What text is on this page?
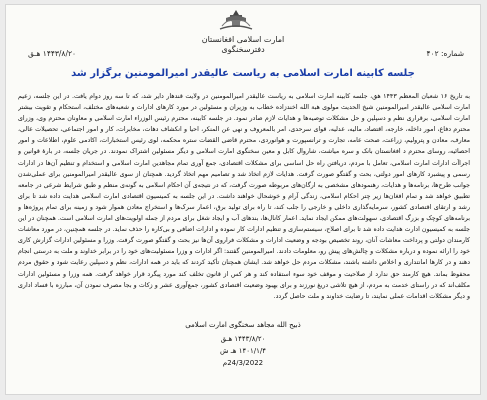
امارت اسلامی افغانستان
دفترسخنگوی	شماره: ۴۰۲
۱۴۴۳/۸/۲۰ هـق
جلسه کابینه امارت اسلامی به ریاست عالیقدر امیرالمومنین برگزار شد

به تاریخ ۱۶ شعبان المعظم ۱۴۴۳ هق، جلسه کابینه امارت اسلامی به ریاست عالیقدر امیرالمومنین در ولایت قندهار دایر شد، که تا سه روز دوام یافت. در این جلسه، زعیم امارت اسلامی عالیقدر امیرالمومنین شیخ الحدیث مولوی هبة الله اخندزاده خطاب به وزیران و مسئولین در مورد کارهای ادارات و شعبه‌های مختلف، استحکام و تقویت بیشتر امارت اسلامی، برقراری نظم و دسپلین و حل مشکلات توصیه‌ها و هدایات لازم صادر نمود. در جلسه کابینه، محترم رئیس الوزراء امارت اسلامی و معاونان محترم وی، وزرای محترم دفاع، امور داخله، خارجه، اقتصاد، مالیه، عدلیه، قوای سرحدی، امر بالمعروف و نهی عن المنکر، احیا و انکشاف دهات، مخابرات، کار و امور اجتماعی، تحصیلات عالی، معارف، معادن و پترولیم، زراعت، صحت عامه، تجارت و ترانسپورت و هوانوردی، محترم قاضی القضات ستره محکمه، لوی رئیس استخبارات، اکادمی علوم، اطلاعات و امور احصائیه، روسای محترم د افغانستان بانک و سره میاشت، شاروال کابل و معین سخنگوی امارت اسلامی و دیگر مسئولین اشتراک نمودند. در جریان جلسه، در بارهٔ قوانین و اجراآت ادارات امارت اسلامی، تعامل با مردم، دریافتن راه حل اساسی برای مشکلات اقتصادی، جمع آوری تمام مجاهدین امارت اسلامی و استخدام و تنظیم آن‌ها در ادارات رسمی و پیشبرد کارهای امور دولتی، بحث و گفتگو صورت گرفت. هدایات لازم اتخاذ شد و تصامیم مهم اتخاذ گردید. همچنان از سوی عالیقدر امیرالمومنین برای عملی‌شدن جوانب طرح‌ها، برنامه‌ها و هدایات، رهنمودهای مشخصی به ارگان‌های مربوطه صورت گرفت، که در نتیجه‌ی آن احکام اسلامی به گونه‌ی منظم و طبق شرایط شرعی در جامعه تطبیق خواهد شد و تمام افغان‌ها زیر چتر احکام اسلامی، زندگی آرام و خوشحال خواهند داشت. در این جلسه به کمیسیون اقتصادی امارت اسلامی هدایت داده شد تا برای رشد و ارتقای اقتصادی کشور، سرمایه‌گذاری داخلی و خارجی را جلب کند، تا راه برای تولید برق، اعمار سرک‌ها و استخراج معادن هموار شود و زمینه برای تمام پروژه‌ها و برنامه‌های کوچک و بزرگ اقتصادی، سهولت‌های ممکن ایجاد نماید. اعمار کانال‌ها، بندهای آب و ایجاد شغل برای مردم از جمله اولویت‌های امارت اسلامی است. همچنان در این جلسه به کمیسیون ادارت هدایت داده شد تا برای اصلاح، سیستم‌سازی و تنظیم ادارات کار نموده و ادارات اضافی و بی‌کاره را حذف نماید. در جلسه همچنین، در مورد معاشات کارمندان دولتی و پرداخت معاشات آنان، روند تخصیص بودجه و وضعیت ادارات و مشکلات فراروی آن‌ها نیز بحث و گفتگو صورت گرفت. وزرا و مسئولین ادارات گزارش کاری خود را ارائه نموده و درباره مشکلات و چالش‌های پیش رو، معلومات دادند. امیرالمومنین گفتند: اگر ادارات و وزرا مسئولیت‌های خود را در برابر خداوند و ملت به درستی انجام دهند و در کارها امانتداری و اخلاص داشته باشند، مشکلات مردم حل خواهد شد. ایشان همچنان تأکید کردند که باید در همه ادارات، نظم و دسپلین رعایت شود و حقوق مردم محفوظ بماند. هیچ کارمند حق ندارد از صلاحیت و موقف خود سوء استفاده کند و هر کس از قانون تخلف کند مورد پیگرد قرار خواهد گرفت. همه وزرا و مسئولین ادارات مکلف‌اند که در راستای خدمت به مردم، از هیچ تلاشی دریغ نورزند و برای بهبود وضعیت اقتصادی کشور، جمع‌آوری عشر و زکات و بجا مصرف نمودن آن، مبارزه با فساد اداری و دیگر مشکلات اقدامات عملی نمایند، تا رضایت خداوند و ملت حاصل گردد.

ذبیح الله مجاهد سخنگوی امارت اسلامی
۱۴۴۳/۸/۲۰ هـق
۱۴۰۱/۱/۴ هـ ش
24/3/2022م
